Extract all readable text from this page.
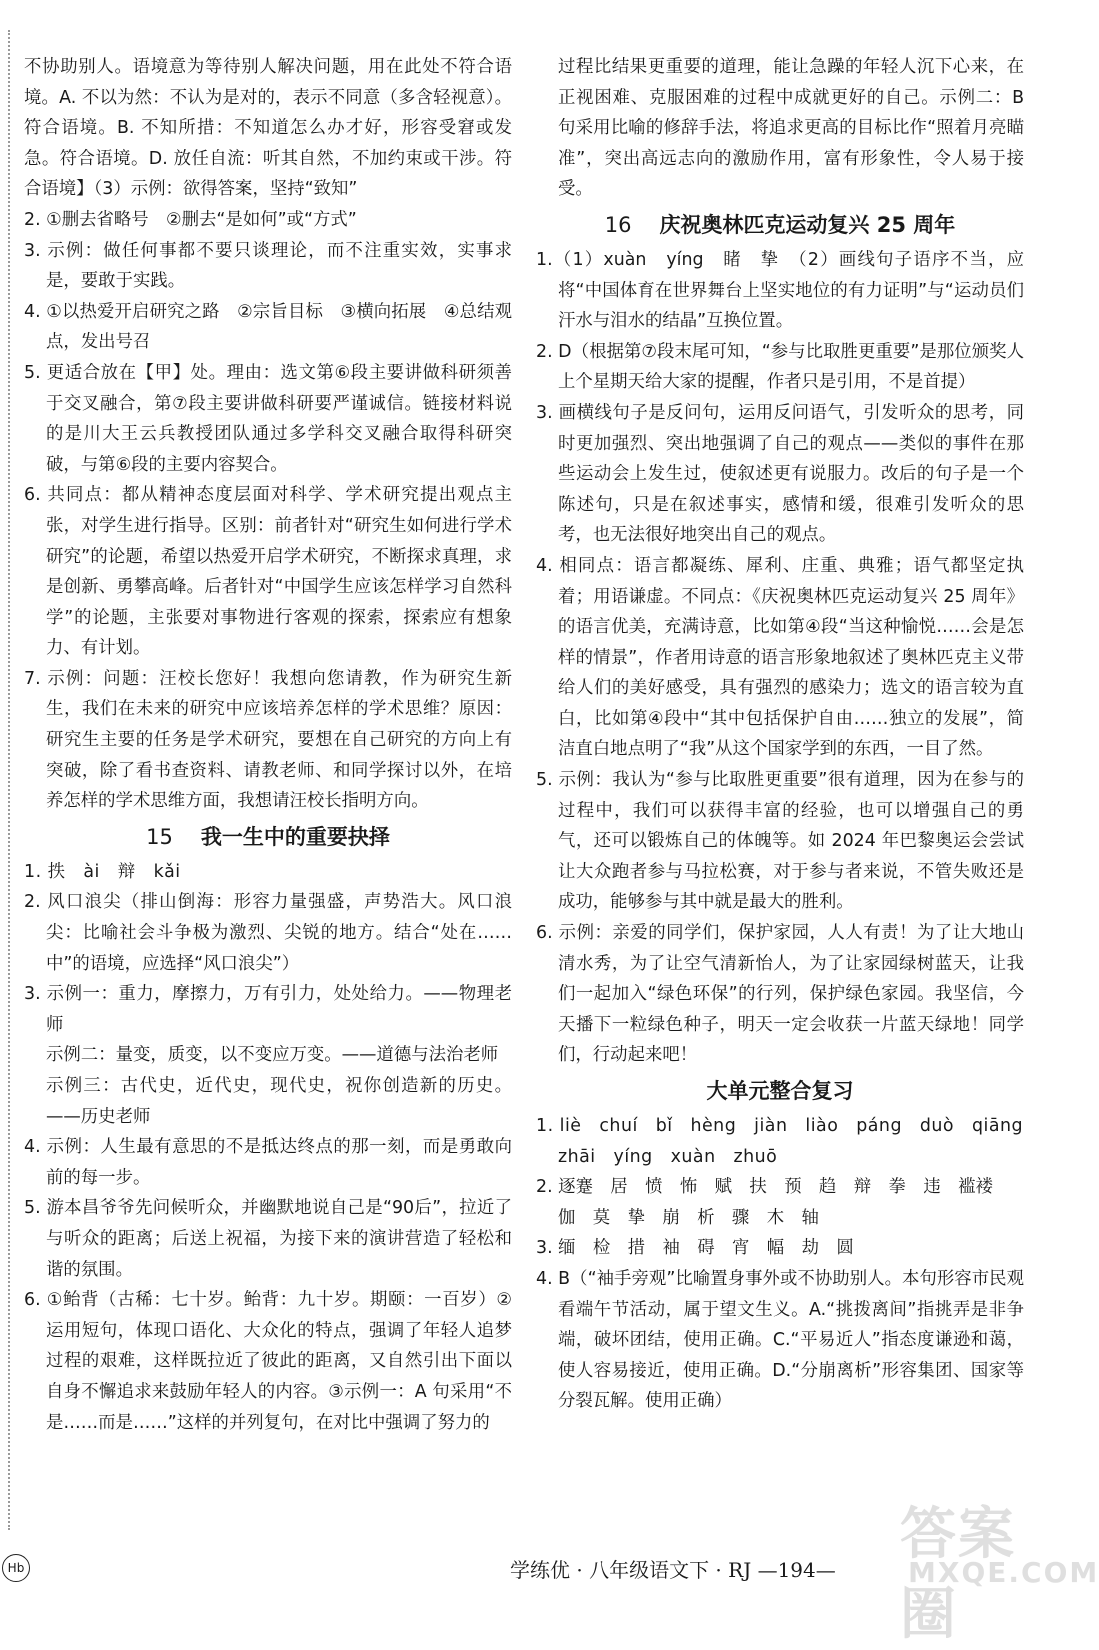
不协助别人。语境意为等待别人解决问题，用在此处不符合语境。A. 不以为然：不认为是对的，表示不同意（多含轻视意）。符合语境。B. 不知所措：不知道怎么办才好，形容受窘或发急。符合语境。D. 放任自流：听其自然，不加约束或干涉。符合语境】（3）示例：欲得答案，坚持“致知”

2. ①删去省略号　②删去“是如何”或“方式”

3. 示例：做任何事都不要只谈理论，而不注重实效，实事求是，要敢于实践。

4. ①以热爱开启研究之路　②宗旨目标　③横向拓展　④总结观点，发出号召

5. 更适合放在【甲】处。理由：选文第⑥段主要讲做科研须善于交叉融合，第⑦段主要讲做科研要严谨诚信。链接材料说的是川大王云兵教授团队通过多学科交叉融合取得科研突破，与第⑥段的主要内容契合。

6. 共同点：都从精神态度层面对科学、学术研究提出观点主张，对学生进行指导。区别：前者针对“研究生如何进行学术研究”的论题，希望以热爱开启学术研究，不断探求真理，求是创新、勇攀高峰。后者针对“中国学生应该怎样学习自然科学”的论题，主张要对事物进行客观的探索，探索应有想象力、有计划。

7. 示例：问题：汪校长您好！我想向您请教，作为研究生新生，我们在未来的研究中应该培养怎样的学术思维？原因：研究生主要的任务是学术研究，要想在自己研究的方向上有突破，除了看书查资料、请教老师、和同学探讨以外，在培养怎样的学术思维方面，我想请汪校长指明方向。

15 我一生中的重要抉择

1. 抶　ài　辩　kǎi

2. 风口浪尖（排山倒海：形容力量强盛，声势浩大。风口浪尖：比喻社会斗争极为激烈、尖锐的地方。结合“处在……中”的语境，应选择“风口浪尖”）

3. 示例一：重力，摩擦力，万有引力，处处给力。——物理老师

示例二：量变，质变，以不变应万变。——道德与法治老师

示例三：古代史，近代史，现代史，祝你创造新的历史。——历史老师

4. 示例：人生最有意思的不是抵达终点的那一刻，而是勇敢向前的每一步。

5. 游本昌爷爷先问候听众，并幽默地说自己是“90后”，拉近了与听众的距离；后送上祝福，为接下来的演讲营造了轻松和谐的氛围。

6. ①鲐背（古稀：七十岁。鲐背：九十岁。期颐：一百岁）②运用短句，体现口语化、大众化的特点，强调了年轻人追梦过程的艰难，这样既拉近了彼此的距离，又自然引出下面以自身不懈追求来鼓励年轻人的内容。③示例一：A 句采用“不是……而是……”这样的并列复句，在对比中强调了努力的

过程比结果更重要的道理，能让急躁的年轻人沉下心来，在正视困难、克服困难的过程中成就更好的自己。示例二：B 句采用比喻的修辞手法，将追求更高的目标比作“照着月亮瞄准”，突出高远志向的激励作用，富有形象性，令人易于接受。

16 庆祝奥林匹克运动复兴 25 周年

1.（1）xuàn　yíng　睹　挚　（2）画线句子语序不当，应将“中国体育在世界舞台上坚实地位的有力证明”与“运动员们汗水与泪水的结晶”互换位置。

2. D（根据第⑦段末尾可知，“参与比取胜更重要”是那位颁奖人上个星期天给大家的提醒，作者只是引用，不是首提）

3. 画横线句子是反问句，运用反问语气，引发听众的思考，同时更加强烈、突出地强调了自己的观点——类似的事件在那些运动会上发生过，使叙述更有说服力。改后的句子是一个陈述句，只是在叙述事实，感情和缓，很难引发听众的思考，也无法很好地突出自己的观点。

4. 相同点：语言都凝练、犀利、庄重、典雅；语气都坚定执着；用语谦虚。不同点：《庆祝奥林匹克运动复兴 25 周年》的语言优美，充满诗意，比如第④段“当这种愉悦……会是怎样的情景”，作者用诗意的语言形象地叙述了奥林匹克主义带给人们的美好感受，具有强烈的感染力；选文的语言较为直白，比如第④段中“其中包括保护自由……独立的发展”，简洁直白地点明了“我”从这个国家学到的东西，一目了然。

5. 示例：我认为“参与比取胜更重要”很有道理，因为在参与的过程中，我们可以获得丰富的经验，也可以增强自己的勇气，还可以锻炼自己的体魄等。如 2024 年巴黎奥运会尝试让大众跑者参与马拉松赛，对于参与者来说，不管失败还是成功，能够参与其中就是最大的胜利。

6. 示例：亲爱的同学们，保护家园，人人有责！为了让大地山清水秀，为了让空气清新怡人，为了让家园绿树蓝天，让我们一起加入“绿色环保”的行列，保护绿色家园。我坚信，今天播下一粒绿色种子，明天一定会收获一片蓝天绿地！同学们，行动起来吧！

大单元整合复习

1. liè　chuí　bǐ　hèng　jiàn　liào　páng　duò　qiāng

zhāi　yíng　xuàn　zhuō

2. 逐蹇　居　愤　怖　赋　扶　预　趋　辩　拳　违　褴褛

伽　莫　挚　崩　析　骤　木　轴

3. 缅　检　措　袖　碍　宵　幅　劫　圆

4. B（“袖手旁观”比喻置身事外或不协助别人。本句形容市民观看端午节活动，属于望文生义。A.“挑拨离间”指挑弄是非争端，破坏团结，使用正确。C.“平易近人”指态度谦逊和蔼，使人容易接近，使用正确。D.“分崩离析”形容集团、国家等分裂瓦解。使用正确）

Hb	学练优 · 八年级语文下 · RJ —194—
答案圈
MXQE.COM
